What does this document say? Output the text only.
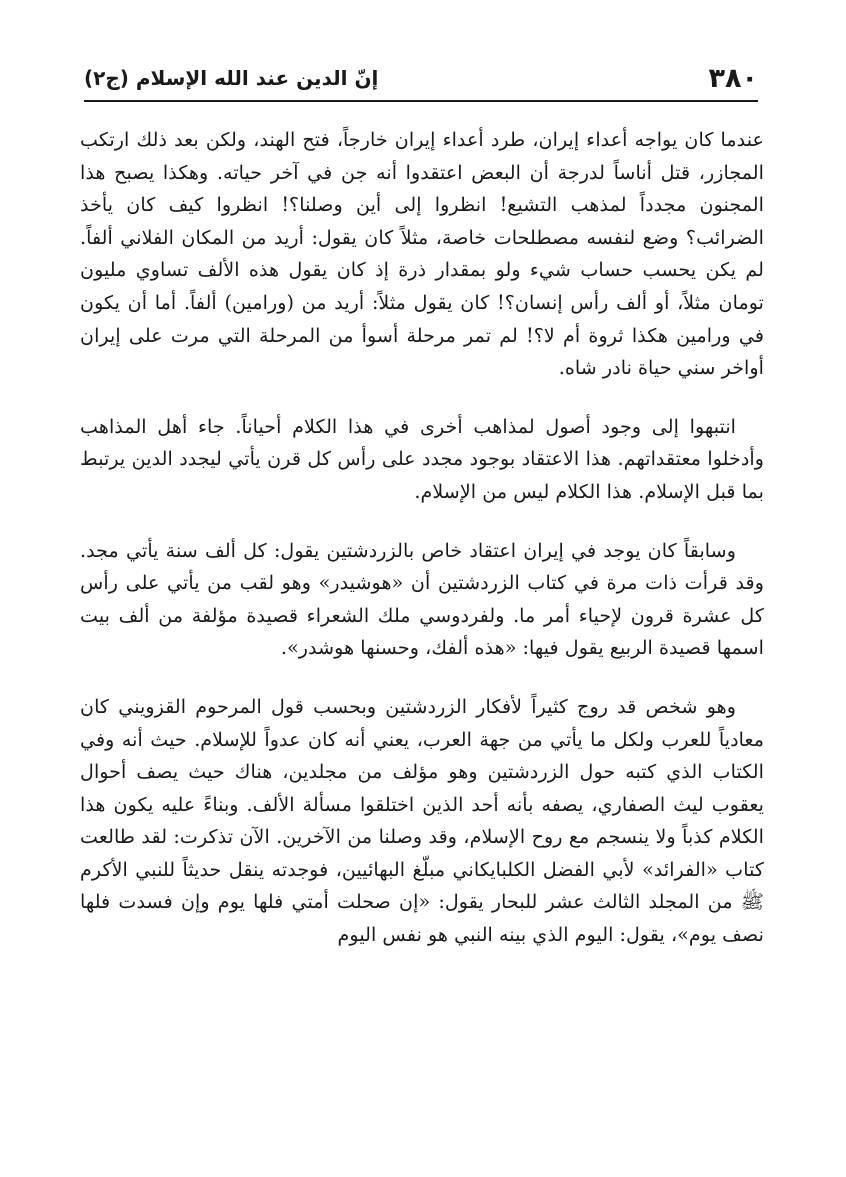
٣٨٠
إنّ الدين عند الله الإسلام (ج٢)

عندما كان يواجه أعداء إيران، طرد أعداء إيران خارجاً، فتح الهند، ولكن بعد ذلك ارتكب المجازر، قتل أناساً لدرجة أن البعض اعتقدوا أنه جن في آخر حياته. وهكذا يصبح هذا المجنون مجدداً لمذهب التشيع! انظروا إلى أين وصلنا؟! انظروا كيف كان يأخذ الضرائب؟ وضع لنفسه مصطلحات خاصة، مثلاً كان يقول: أريد من المكان الفلاني ألفاً. لم يكن يحسب حساب شيء ولو بمقدار ذرة إذ كان يقول هذه الألف تساوي مليون تومان مثلاً، أو ألف رأس إنسان؟! كان يقول مثلاً: أريد من (ورامين) ألفاً. أما أن يكون في ورامين هكذا ثروة أم لا؟! لم تمر مرحلة أسوأ من المرحلة التي مرت على إيران أواخر سني حياة نادر شاه.

انتبهوا إلى وجود أصول لمذاهب أخرى في هذا الكلام أحياناً. جاء أهل المذاهب وأدخلوا معتقداتهم. هذا الاعتقاد بوجود مجدد على رأس كل قرن يأتي ليجدد الدين يرتبط بما قبل الإسلام. هذا الكلام ليس من الإسلام.

وسابقاً كان يوجد في إيران اعتقاد خاص بالزردشتين يقول: كل ألف سنة يأتي مجد. وقد قرأت ذات مرة في كتاب الزردشتين أن «هوشيدر» وهو لقب من يأتي على رأس كل عشرة قرون لإحياء أمر ما. ولفردوسي ملك الشعراء قصيدة مؤلفة من ألف بيت اسمها قصيدة الربيع يقول فيها: «هذه ألفك، وحسنها هوشدر».

وهو شخص قد روج كثيراً لأفكار الزردشتين وبحسب قول المرحوم القزويني كان معادياً للعرب ولكل ما يأتي من جهة العرب، يعني أنه كان عدواً للإسلام. حيث أنه وفي الكتاب الذي كتبه حول الزردشتين وهو مؤلف من مجلدين، هناك حيث يصف أحوال يعقوب ليث الصفاري، يصفه بأنه أحد الذين اختلقوا مسألة الألف. وبناءً عليه يكون هذا الكلام كذباً ولا ينسجم مع روح الإسلام، وقد وصلنا من الآخرين. الآن تذكرت: لقد طالعت كتاب «الفرائد» لأبي الفضل الكلبايكاني مبلّغ البهائيين، فوجدته ينقل حديثاً للنبي الأكرم ﷺ من المجلد الثالث عشر للبحار يقول: «إن صحلت أمتي فلها يوم وإن فسدت فلها نصف يوم»، يقول: اليوم الذي بينه النبي هو نفس اليوم
